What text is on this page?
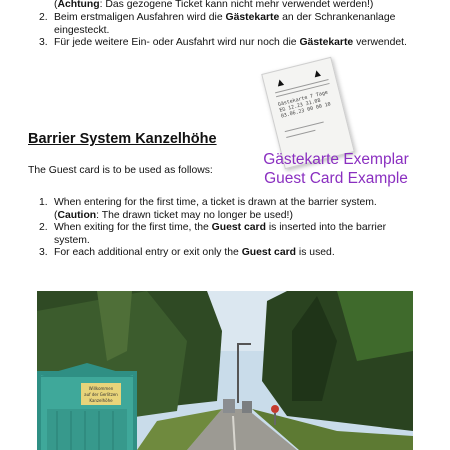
(Achtung: Das gezogene Ticket kann nicht mehr verwendet werden!)
2. Beim erstmaligen Ausfahren wird die Gästekarte an der Schrankenanlage
eingesteckt.
3. Für jede weitere Ein- oder Ausfahrt wird nur noch die Gästekarte verwendet.
▲
▲
Gästekarte 7 Tage
EG 12.23 31.08
03.06.23 00 00 10
Gästekarte Exemplar
Guest Card Example
Barrier System Kanzelhöhe
The Guest card is to be used as follows:
1. When entering for the first time, a ticket is drawn at the barrier system.
(Caution: The drawn ticket may no longer be used!)
2. When exiting for the first time, the Guest card is inserted into the barrier
system.
3. For each additional entry or exit only the Guest card is used.
Willkommen
auf der Gerlitzen
Kanzelhöhe
